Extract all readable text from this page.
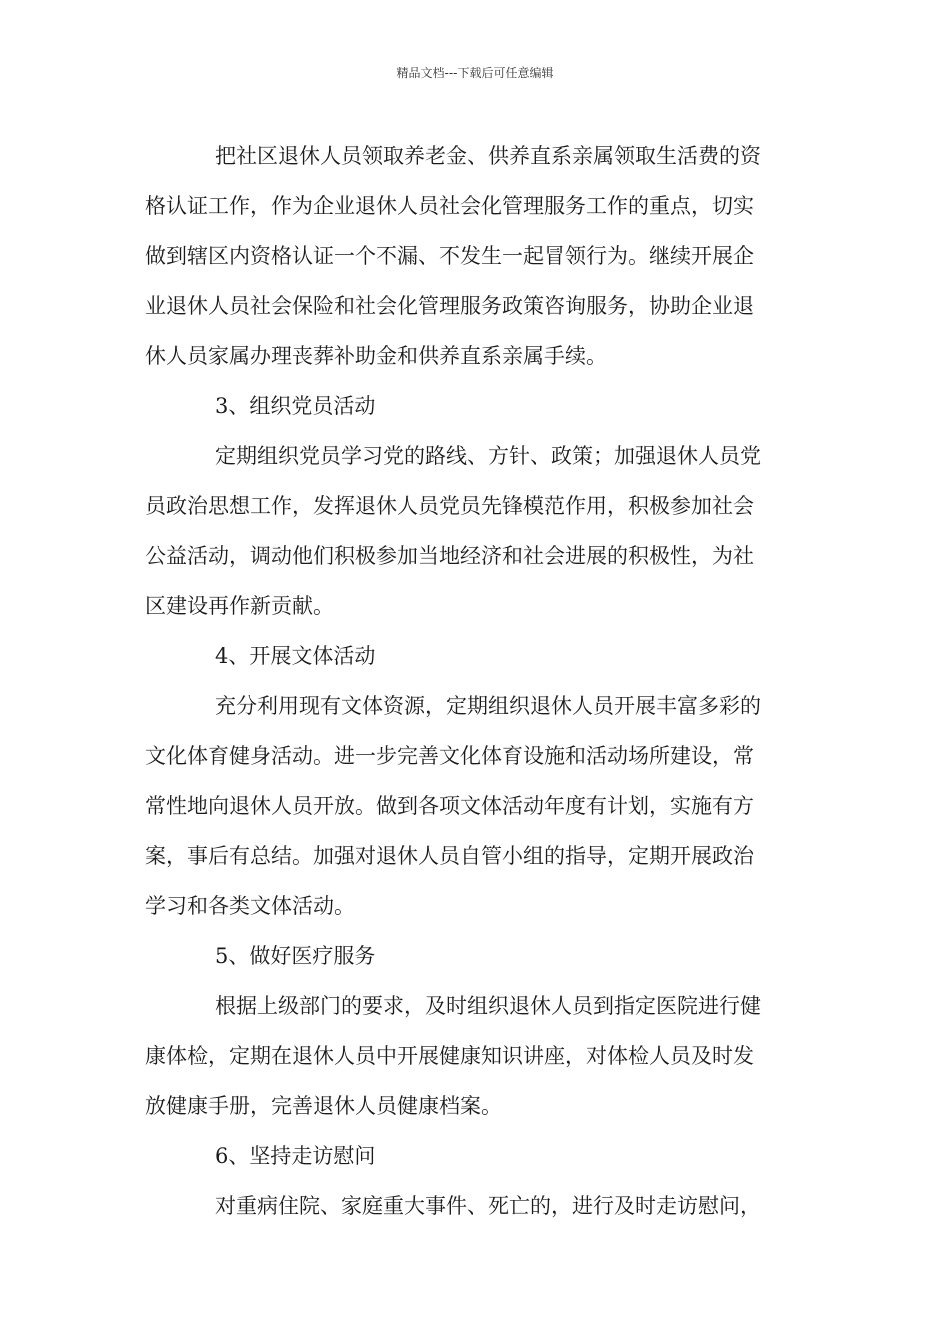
精品文档---下载后可任意编辑
把社区退休人员领取养老金、供养直系亲属领取生活费的资
格认证工作，作为企业退休人员社会化管理服务工作的重点，切实
做到辖区内资格认证一个不漏、不发生一起冒领行为。继续开展企
业退休人员社会保险和社会化管理服务政策咨询服务，协助企业退
休人员家属办理丧葬补助金和供养直系亲属手续。
3、组织党员活动
定期组织党员学习党的路线、方针、政策；加强退休人员党
员政治思想工作，发挥退休人员党员先锋模范作用，积极参加社会
公益活动，调动他们积极参加当地经济和社会进展的积极性，为社
区建设再作新贡献。
4、开展文体活动
充分利用现有文体资源，定期组织退休人员开展丰富多彩的
文化体育健身活动。进一步完善文化体育设施和活动场所建设，常
常性地向退休人员开放。做到各项文体活动年度有计划，实施有方
案，事后有总结。加强对退休人员自管小组的指导，定期开展政治
学习和各类文体活动。
5、做好医疗服务
根据上级部门的要求，及时组织退休人员到指定医院进行健
康体检，定期在退休人员中开展健康知识讲座，对体检人员及时发
放健康手册，完善退休人员健康档案。
6、坚持走访慰问
对重病住院、家庭重大事件、死亡的，进行及时走访慰问，
